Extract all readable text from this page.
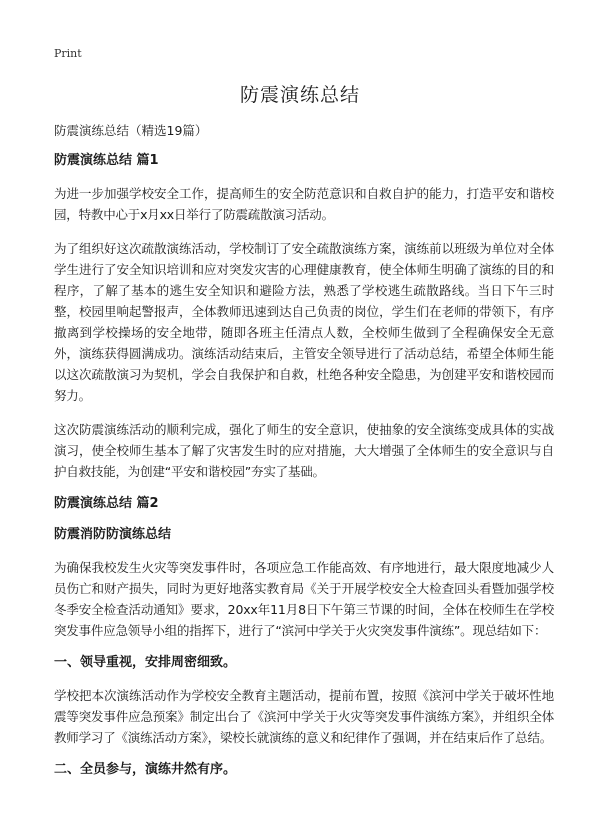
Print
防震演练总结

防震演练总结（精选19篇）

防震演练总结 篇1

为进一步加强学校安全工作，提高师生的安全防范意识和自救自护的能力，打造平安和谐校园，特教中心于x月xx日举行了防震疏散演习活动。

为了组织好这次疏散演练活动，学校制订了安全疏散演练方案，演练前以班级为单位对全体学生进行了安全知识培训和应对突发灾害的心理健康教育，使全体师生明确了演练的目的和程序，了解了基本的逃生安全知识和避险方法，熟悉了学校逃生疏散路线。当日下午三时整，校园里响起警报声，全体教师迅速到达自己负责的岗位，学生们在老师的带领下，有序撤离到学校操场的安全地带，随即各班主任清点人数，全校师生做到了全程确保安全无意外，演练获得圆满成功。演练活动结束后，主管安全领导进行了活动总结，希望全体师生能以这次疏散演习为契机，学会自我保护和自救，杜绝各种安全隐患，为创建平安和谐校园而努力。

这次防震演练活动的顺利完成，强化了师生的安全意识，使抽象的安全演练变成具体的实战演习，使全校师生基本了解了灾害发生时的应对措施，大大增强了全体师生的安全意识与自护自救技能，为创建“平安和谐校园”夯实了基础。

防震演练总结 篇2

防震消防防演练总结

为确保我校发生火灾等突发事件时，各项应急工作能高效、有序地进行，最大限度地减少人员伤亡和财产损失，同时为更好地落实教育局《关于开展学校安全大检查回头看暨加强学校冬季安全检查活动通知》要求，20xx年11月8日下午第三节课的时间，全体在校师生在学校突发事件应急领导小组的指挥下，进行了“滨河中学关于火灾突发事件演练”。现总结如下：

一、领导重视，安排周密细致。

学校把本次演练活动作为学校安全教育主题活动，提前布置，按照《滨河中学关于破坏性地震等突发事件应急预案》制定出台了《滨河中学关于火灾等突发事件演练方案》，并组织全体教师学习了《演练活动方案》，梁校长就演练的意义和纪律作了强调，并在结束后作了总结。

二、全员参与，演练井然有序。
